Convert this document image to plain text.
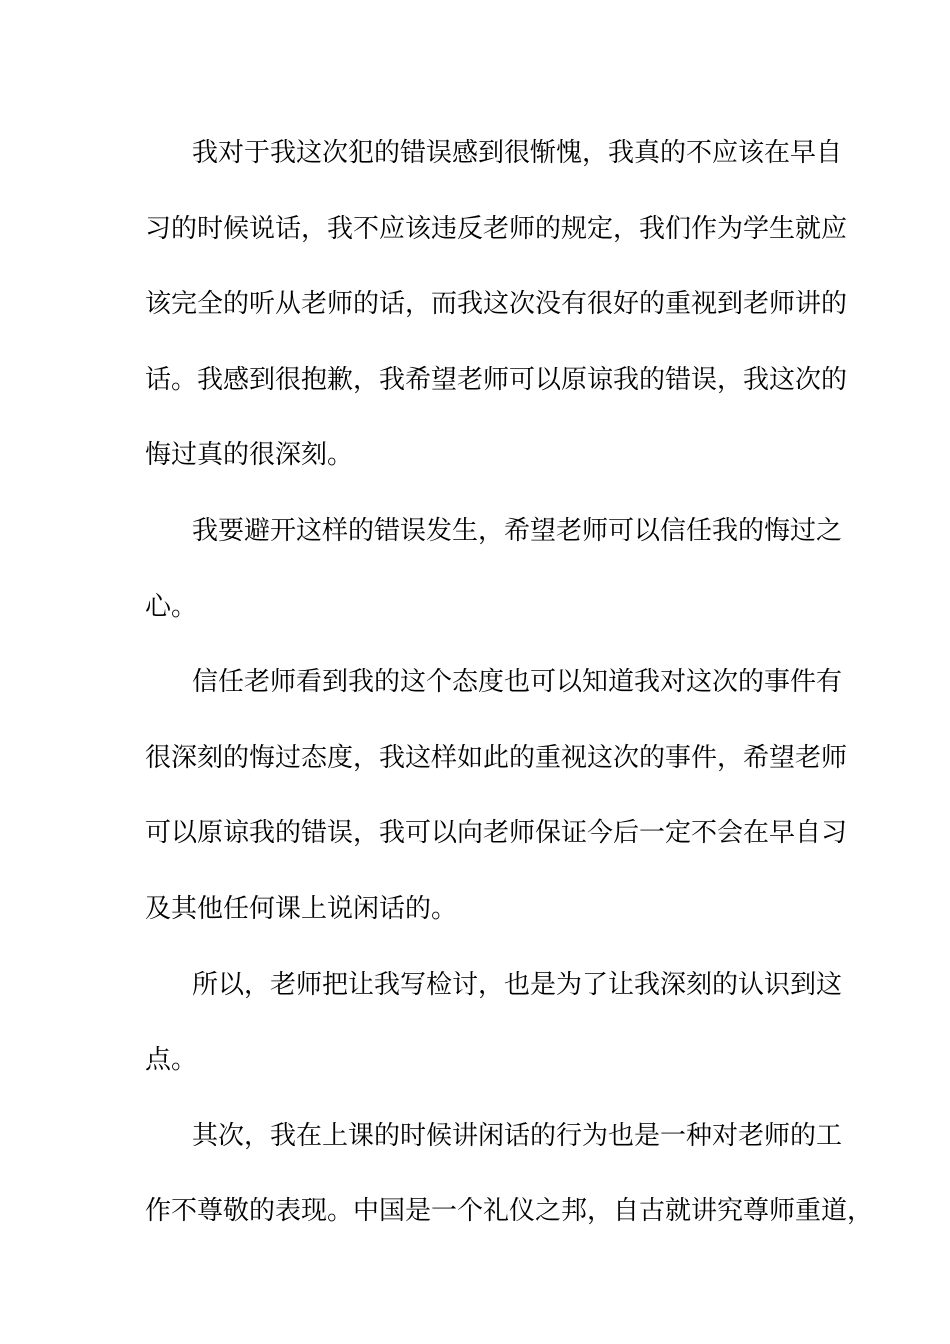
我对于我这次犯的错误感到很惭愧，我真的不应该在早自
习的时候说话，我不应该违反老师的规定，我们作为学生就应
该完全的听从老师的话，而我这次没有很好的重视到老师讲的
话。我感到很抱歉，我希望老师可以原谅我的错误，我这次的
悔过真的很深刻。
我要避开这样的错误发生，希望老师可以信任我的悔过之
心。
信任老师看到我的这个态度也可以知道我对这次的事件有
很深刻的悔过态度，我这样如此的重视这次的事件，希望老师
可以原谅我的错误，我可以向老师保证今后一定不会在早自习
及其他任何课上说闲话的。
所以，老师把让我写检讨，也是为了让我深刻的认识到这
点。
其次，我在上课的时候讲闲话的行为也是一种对老师的工
作不尊敬的表现。中国是一个礼仪之邦，自古就讲究尊师重道，
